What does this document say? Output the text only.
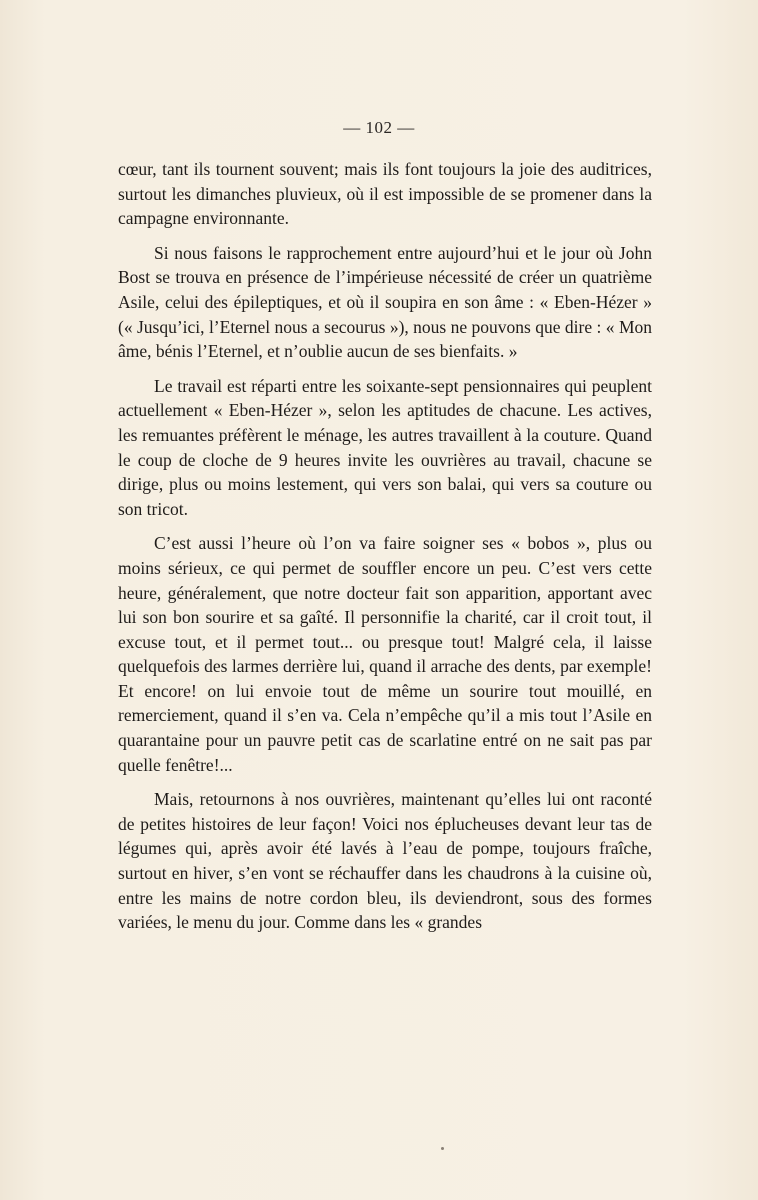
— 102 —

cœur, tant ils tournent souvent; mais ils font toujours la joie des auditrices, surtout les dimanches pluvieux, où il est impossible de se promener dans la campagne environnante.

Si nous faisons le rapprochement entre aujourd’hui et le jour où John Bost se trouva en présence de l’impérieuse nécessité de créer un quatrième Asile, celui des épileptiques, et où il soupira en son âme : « Eben-Hézer » (« Jusqu’ici, l’Eternel nous a secourus »), nous ne pouvons que dire : « Mon âme, bénis l’Eternel, et n’oublie aucun de ses bienfaits. »

Le travail est réparti entre les soixante-sept pensionnaires qui peuplent actuellement « Eben-Hézer », selon les aptitudes de chacune. Les actives, les remuantes préfèrent le ménage, les autres travaillent à la couture. Quand le coup de cloche de 9 heures invite les ouvrières au travail, chacune se dirige, plus ou moins lestement, qui vers son balai, qui vers sa couture ou son tricot.

C’est aussi l’heure où l’on va faire soigner ses « bobos », plus ou moins sérieux, ce qui permet de souffler encore un peu. C’est vers cette heure, généralement, que notre docteur fait son apparition, apportant avec lui son bon sourire et sa gaîté. Il personnifie la charité, car il croit tout, il excuse tout, et il permet tout... ou presque tout! Malgré cela, il laisse quelquefois des larmes derrière lui, quand il arrache des dents, par exemple! Et encore! on lui envoie tout de même un sourire tout mouillé, en remerciement, quand il s’en va. Cela n’empêche qu’il a mis tout l’Asile en quarantaine pour un pauvre petit cas de scarlatine entré on ne sait pas par quelle fenêtre!...

Mais, retournons à nos ouvrières, maintenant qu’elles lui ont raconté de petites histoires de leur façon! Voici nos éplucheuses devant leur tas de légumes qui, après avoir été lavés à l’eau de pompe, toujours fraîche, surtout en hiver, s’en vont se réchauffer dans les chaudrons à la cuisine où, entre les mains de notre cordon bleu, ils deviendront, sous des formes variées, le menu du jour. Comme dans les « grandes
